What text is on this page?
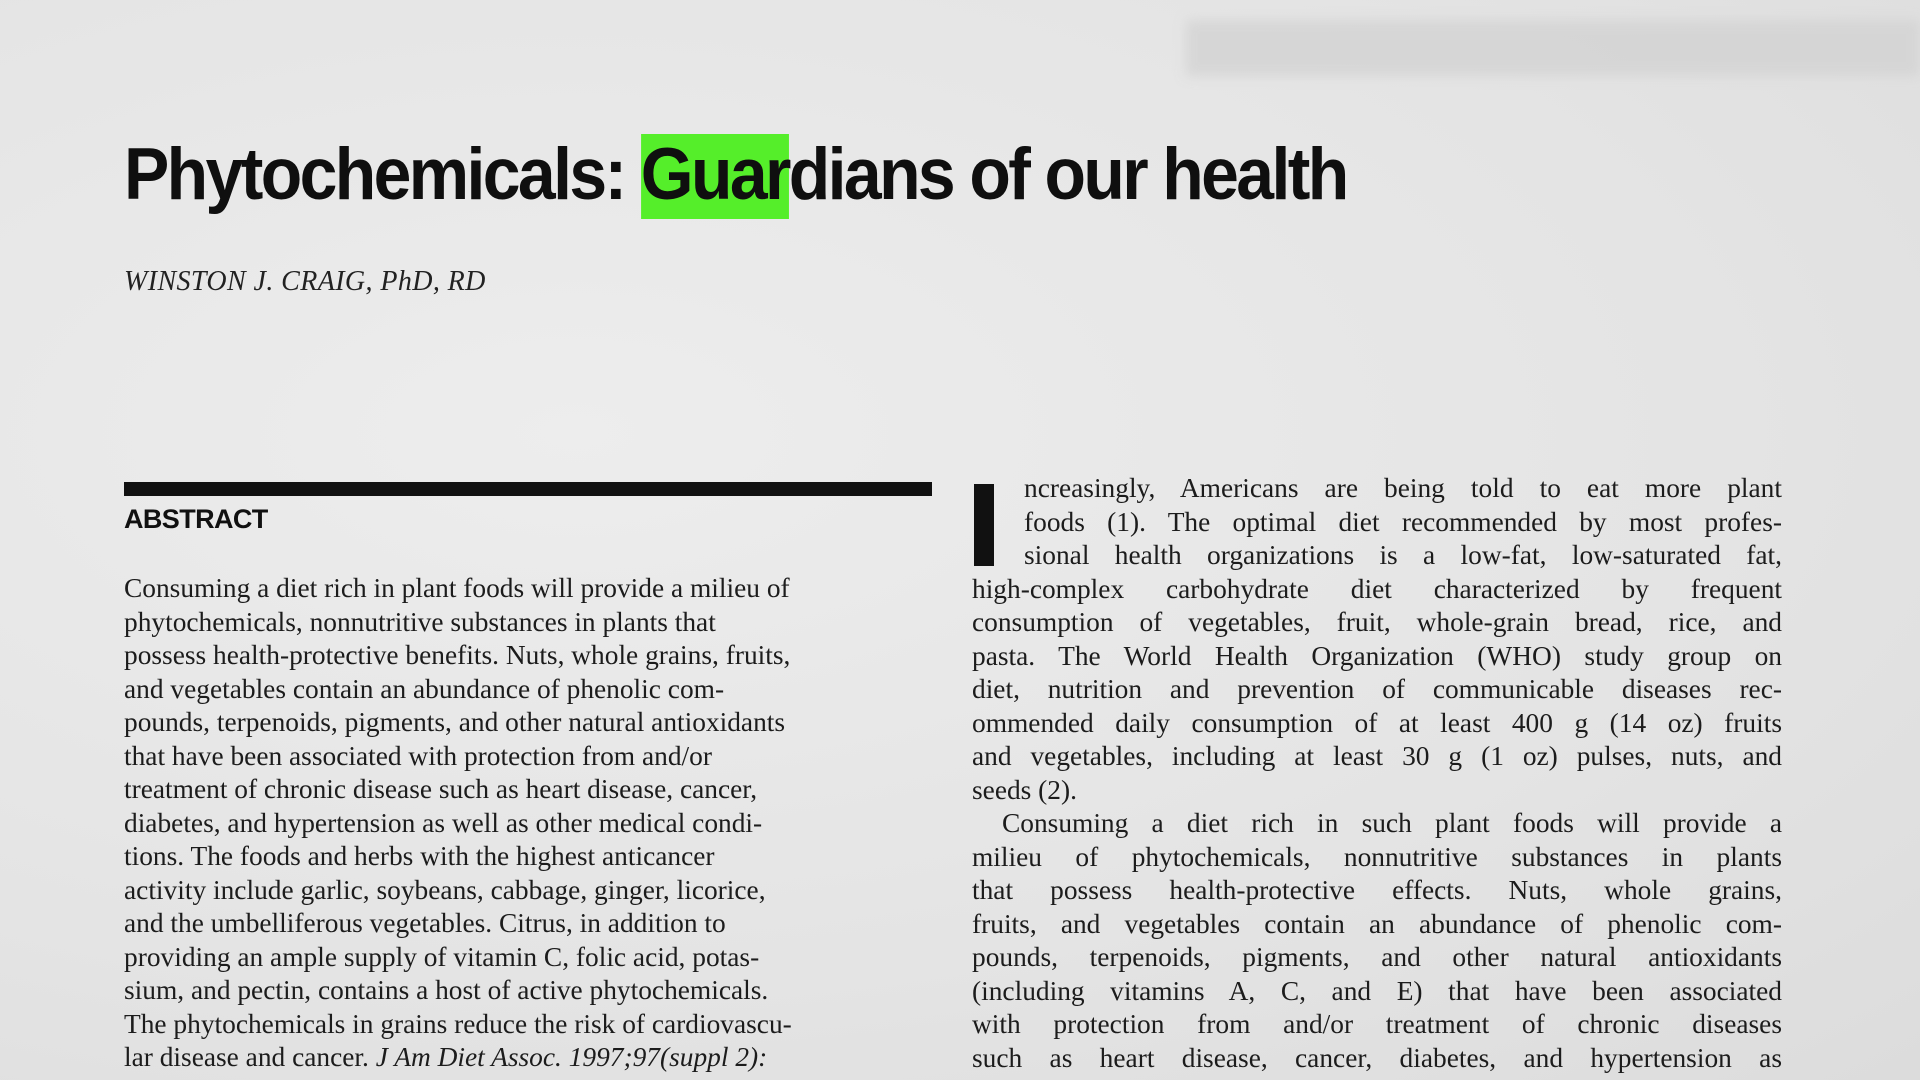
Phytochemicals: Guardians of our health
WINSTON J. CRAIG, PhD, RD
ABSTRACT
Consuming a diet rich in plant foods will provide a milieu of
phytochemicals, nonnutritive substances in plants that
possess health-protective benefits. Nuts, whole grains, fruits,
and vegetables contain an abundance of phenolic com-
pounds, terpenoids, pigments, and other natural antioxidants
that have been associated with protection from and/or
treatment of chronic disease such as heart disease, cancer,
diabetes, and hypertension as well as other medical condi-
tions. The foods and herbs with the highest anticancer
activity include garlic, soybeans, cabbage, ginger, licorice,
and the umbelliferous vegetables. Citrus, in addition to
providing an ample supply of vitamin C, folic acid, potas-
sium, and pectin, contains a host of active phytochemicals.
The phytochemicals in grains reduce the risk of cardiovascu-
lar disease and cancer. J Am Diet Assoc. 1997;97(suppl 2):
ncreasingly, Americans are being told to eat more plant
foods (1). The optimal diet recommended by most profes-
sional health organizations is a low-fat, low-saturated fat,
high-complex carbohydrate diet characterized by frequent
consumption of vegetables, fruit, whole-grain bread, rice, and
pasta. The World Health Organization (WHO) study group on
diet, nutrition and prevention of communicable diseases rec-
ommended daily consumption of at least 400 g (14 oz) fruits
and vegetables, including at least 30 g (1 oz) pulses, nuts, and
seeds (2).
Consuming a diet rich in such plant foods will provide a
milieu of phytochemicals, nonnutritive substances in plants
that possess health-protective effects. Nuts, whole grains,
fruits, and vegetables contain an abundance of phenolic com-
pounds, terpenoids, pigments, and other natural antioxidants
(including vitamins A, C, and E) that have been associated
with protection from and/or treatment of chronic diseases
such as heart disease, cancer, diabetes, and hypertension as
